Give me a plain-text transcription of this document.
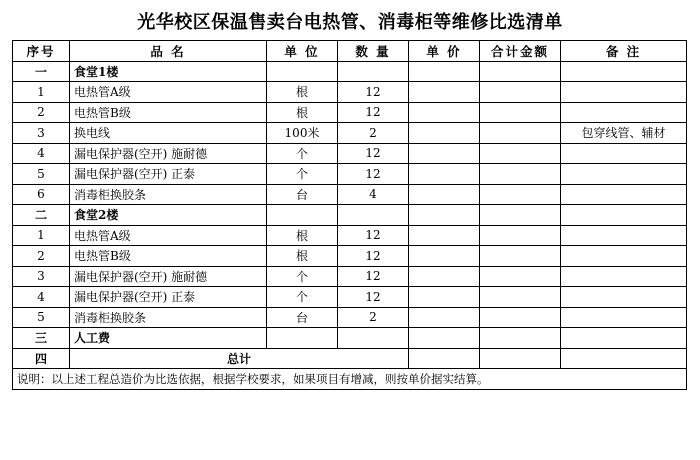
光华校区保温售卖台电热管、消毒柜等维修比选清单
序号	品 名	单 位	数 量	单 价	合计金额	备 注
一	食堂1楼					
1	电热管A级	根	12			
2	电热管B级	根	12			
3	换电线	100米	2			包穿线管、辅材
4	漏电保护器(空开) 施耐德	个	12			
5	漏电保护器(空开) 正泰	个	12			
6	消毒柜换胶条	台	4			
二	食堂2楼					
1	电热管A级	根	12			
2	电热管B级	根	12			
3	漏电保护器(空开) 施耐德	个	12			
4	漏电保护器(空开) 正泰	个	12			
5	消毒柜换胶条	台	2			
三	人工费					
四	总计					
说明：以上述工程总造价为比选依据，根据学校要求，如果项目有增减，则按单价据实结算。						
